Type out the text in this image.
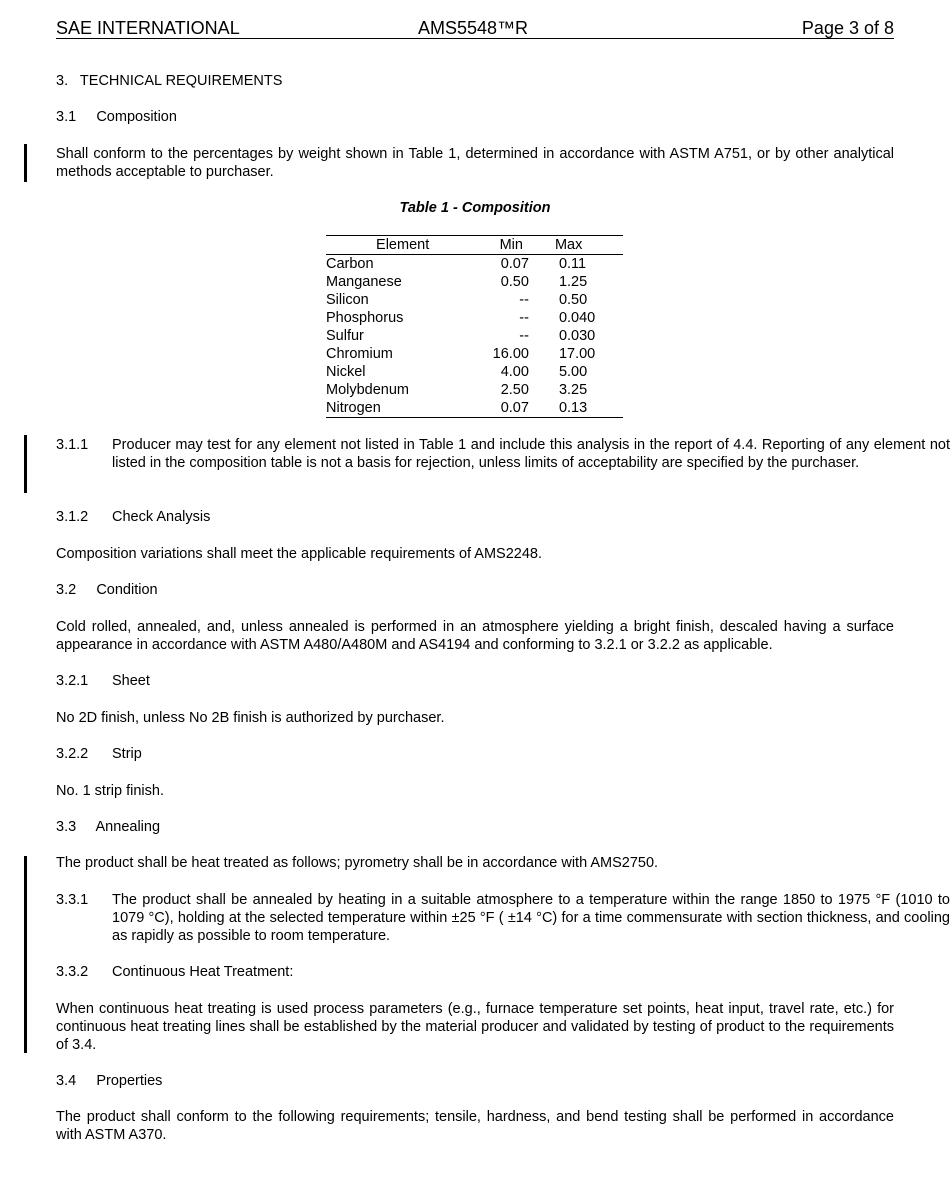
SAE INTERNATIONAL	AMS5548™R	Page 3 of 8
3. TECHNICAL REQUIREMENTS
3.1 Composition
Shall conform to the percentages by weight shown in Table 1, determined in accordance with ASTM A751, or by other analytical methods acceptable to purchaser.
Table 1 - Composition
Element	Min	Max
Carbon	0.07	0.11
Manganese	0.50	1.25
Silicon	--	0.50
Phosphorus	--	0.040
Sulfur	--	0.030
Chromium	16.00	17.00
Nickel	4.00	5.00
Molybdenum	2.50	3.25
Nitrogen	0.07	0.13
3.1.1 Producer may test for any element not listed in Table 1 and include this analysis in the report of 4.4. Reporting of any element not listed in the composition table is not a basis for rejection, unless limits of acceptability are specified by the purchaser.
3.1.2 Check Analysis
Composition variations shall meet the applicable requirements of AMS2248.
3.2 Condition
Cold rolled, annealed, and, unless annealed is performed in an atmosphere yielding a bright finish, descaled having a surface appearance in accordance with ASTM A480/A480M and AS4194 and conforming to 3.2.1 or 3.2.2 as applicable.
3.2.1 Sheet
No 2D finish, unless No 2B finish is authorized by purchaser.
3.2.2 Strip
No. 1 strip finish.
3.3 Annealing
The product shall be heat treated as follows; pyrometry shall be in accordance with AMS2750.
3.3.1 The product shall be annealed by heating in a suitable atmosphere to a temperature within the range 1850 to 1975 °F (1010 to 1079 °C), holding at the selected temperature within ±25 °F ( ±14 °C) for a time commensurate with section thickness, and cooling as rapidly as possible to room temperature.
3.3.2 Continuous Heat Treatment:
When continuous heat treating is used process parameters (e.g., furnace temperature set points, heat input, travel rate, etc.) for continuous heat treating lines shall be established by the material producer and validated by testing of product to the requirements of 3.4.
3.4 Properties
The product shall conform to the following requirements; tensile, hardness, and bend testing shall be performed in accordance with ASTM A370.
